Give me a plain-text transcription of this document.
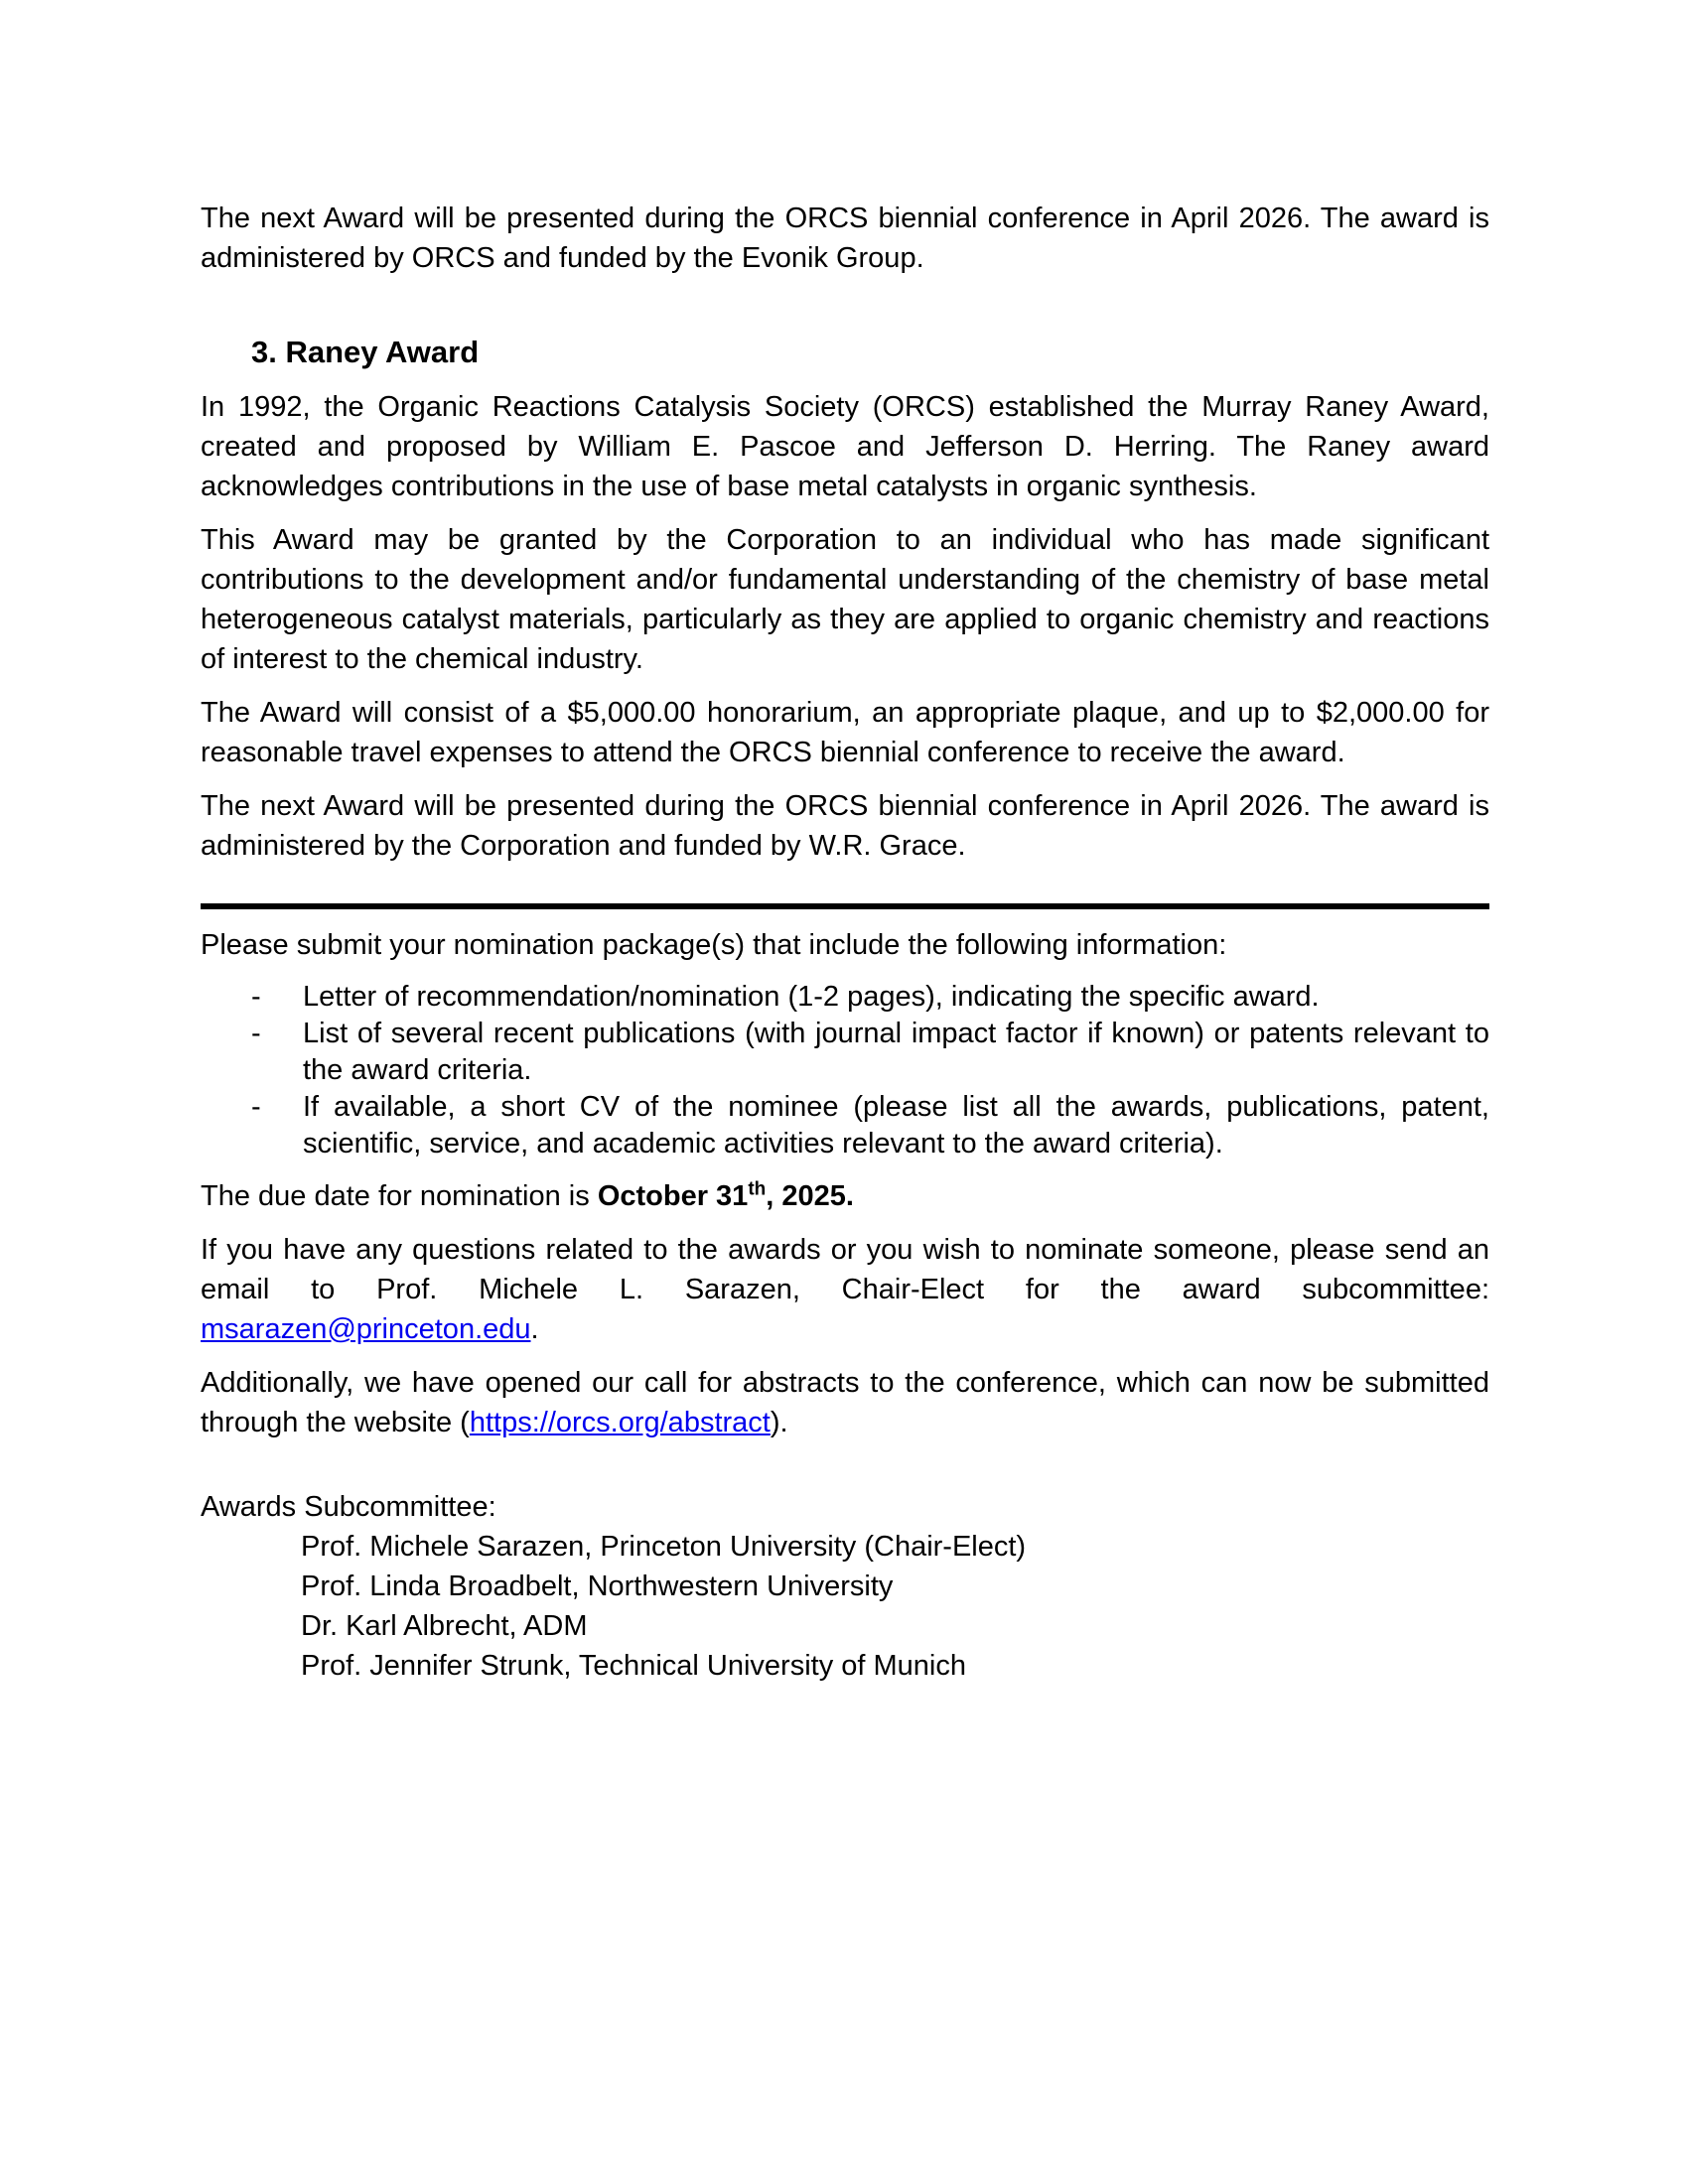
The next Award will be presented during the ORCS biennial conference in April 2026. The award is administered by ORCS and funded by the Evonik Group.

3. Raney Award

In 1992, the Organic Reactions Catalysis Society (ORCS) established the Murray Raney Award, created and proposed by William E. Pascoe and Jefferson D. Herring. The Raney award acknowledges contributions in the use of base metal catalysts in organic synthesis.

This Award may be granted by the Corporation to an individual who has made significant contributions to the development and/or fundamental understanding of the chemistry of base metal heterogeneous catalyst materials, particularly as they are applied to organic chemistry and reactions of interest to the chemical industry.

The Award will consist of a $5,000.00 honorarium, an appropriate plaque, and up to $2,000.00 for reasonable travel expenses to attend the ORCS biennial conference to receive the award.

The next Award will be presented during the ORCS biennial conference in April 2026. The award is administered by the Corporation and funded by W.R. Grace.

Please submit your nomination package(s) that include the following information:

-	Letter of recommendation/nomination (1-2 pages), indicating the specific award.
-	List of several recent publications (with journal impact factor if known) or patents relevant to the award criteria.
-	If available, a short CV of the nominee (please list all the awards, publications, patent, scientific, service, and academic activities relevant to the award criteria).

The due date for nomination is October 31th, 2025.

If you have any questions related to the awards or you wish to nominate someone, please send an email to Prof. Michele L. Sarazen, Chair-Elect for the award subcommittee: msarazen@princeton.edu.

Additionally, we have opened our call for abstracts to the conference, which can now be submitted through the website (https://orcs.org/abstract).

Awards Subcommittee:

Prof. Michele Sarazen, Princeton University (Chair-Elect)
Prof. Linda Broadbelt, Northwestern University
Dr. Karl Albrecht, ADM
Prof. Jennifer Strunk, Technical University of Munich
